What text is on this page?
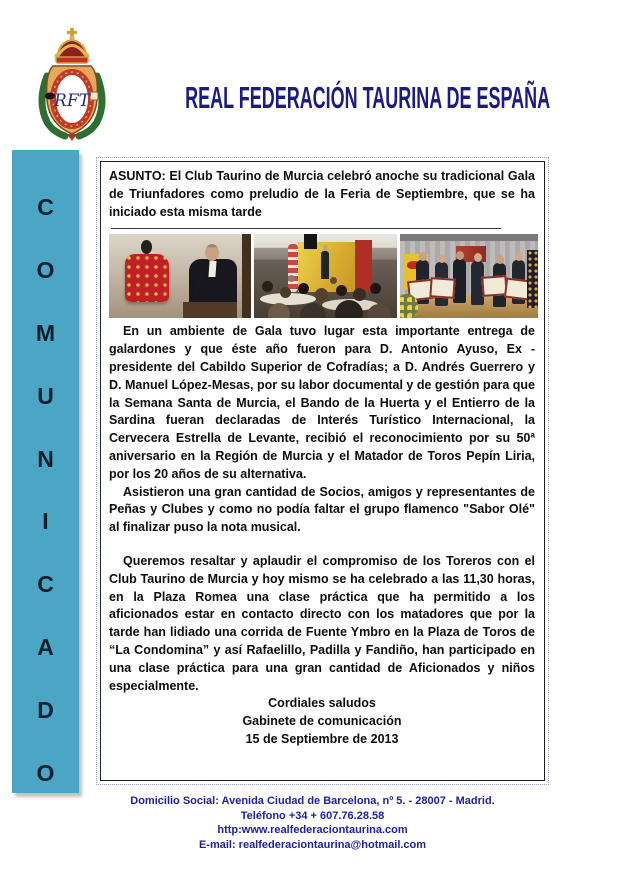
RFT	REAL FEDERACIÓN TAURINA DE ESPAÑA
C
O
M
U
N
I
C
A
D
O

ASUNTO: El Club Taurino de Murcia celebró anoche su tradicional Gala de Triunfadores como preludio de la Feria de Septiembre, que se ha iniciado esta misma tarde

En un ambiente de Gala tuvo lugar esta importante entrega de galardones y que éste año fueron para D. Antonio Ayuso, Ex - presidente del Cabildo Superior de Cofradías; a D. Andrés Guerrero y D. Manuel López-Mesas, por su labor documental y de gestión para que la Semana Santa de Murcia, el Bando de la Huerta y el Entierro de la Sardina fueran declaradas de Interés Turístico Internacional, la Cervecera Estrella de Levante, recibió el reconocimiento por su 50ª aniversario en la Región de Murcia y el Matador de Toros Pepín Liria, por los 20 años de su alternativa.

Asistieron una gran cantidad de Socios, amigos y representantes de Peñas y Clubes y como no podía faltar el grupo flamenco "Sabor Olé" al finalizar puso la nota musical.

Queremos resaltar y aplaudir el compromiso de los Toreros con el Club Taurino de Murcia y hoy mismo se ha celebrado a las 11,30 horas, en la Plaza Romea una clase práctica que ha permitido a los aficionados estar en contacto directo con los matadores que por la tarde han lidiado una corrida de Fuente Ymbro en la Plaza de Toros de “La Condomina” y así Rafaelillo, Padilla y Fandiño, han participado en una clase práctica para una gran cantidad de Aficionados y niños especialmente.

Cordiales saludos

Gabinete de comunicación

15 de Septiembre de 2013

Domicilio Social: Avenida Ciudad de Barcelona, nº 5. - 28007 - Madrid.
Teléfono +34 + 607.76.28.58
http:www.realfederaciontaurina.com
E-mail: realfederaciontaurina@hotmail.com
